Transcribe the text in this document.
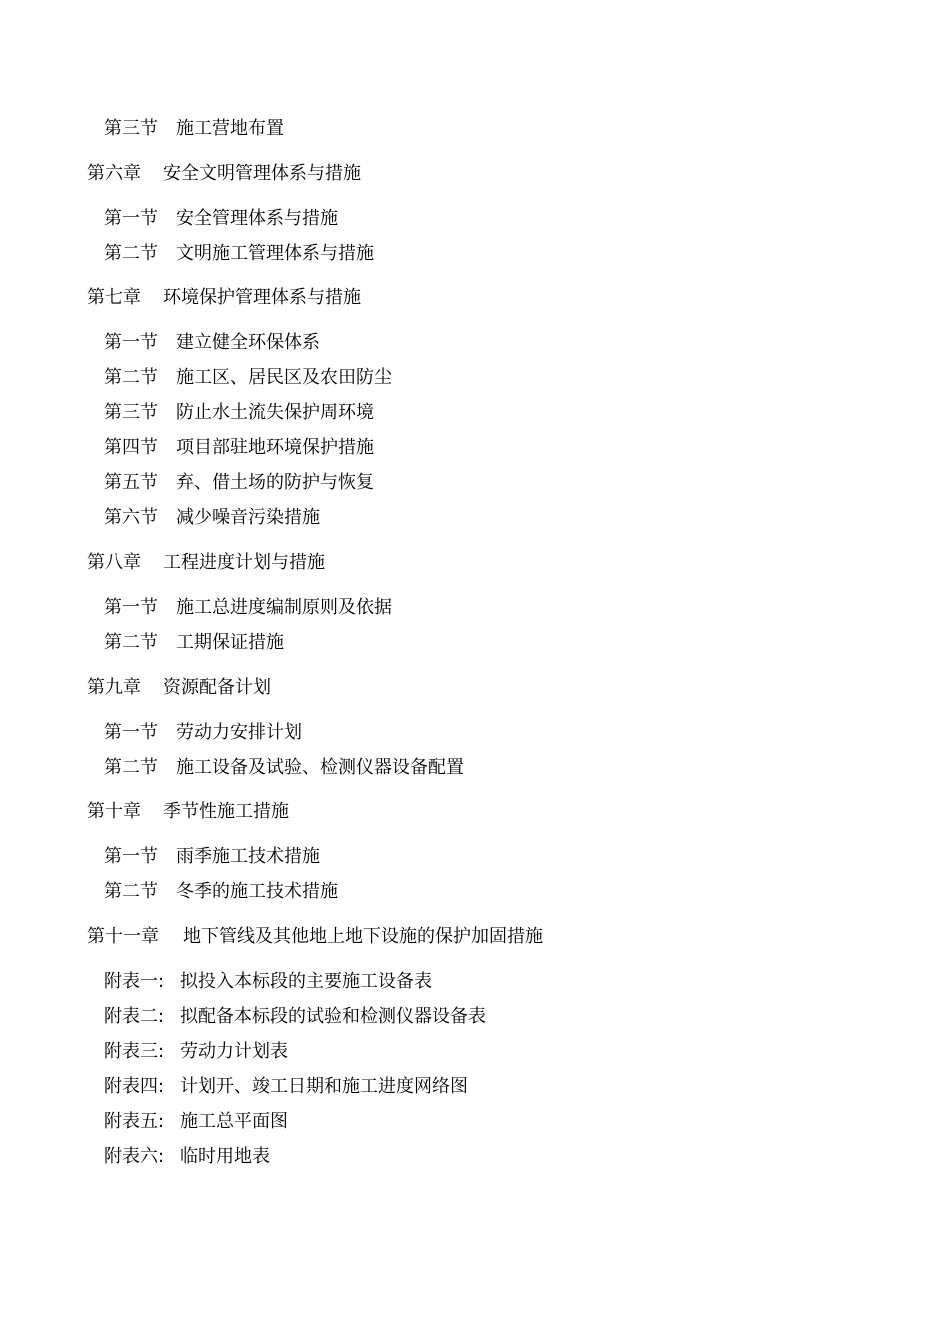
第三节 施工营地布置
第六章 安全文明管理体系与措施
第一节 安全管理体系与措施
第二节 文明施工管理体系与措施
第七章 环境保护管理体系与措施
第一节 建立健全环保体系
第二节 施工区、居民区及农田防尘
第三节 防止水土流失保护周环境
第四节 项目部驻地环境保护措施
第五节 弃、借土场的防护与恢复
第六节 减少噪音污染措施
第八章 工程进度计划与措施
第一节 施工总进度编制原则及依据
第二节 工期保证措施
第九章 资源配备计划
第一节 劳动力安排计划
第二节 施工设备及试验、检测仪器设备配置
第十章 季节性施工措施
第一节 雨季施工技术措施
第二节 冬季的施工技术措施
第十一章 地下管线及其他地上地下设施的保护加固措施
附表一: 拟投入本标段的主要施工设备表
附表二: 拟配备本标段的试验和检测仪器设备表
附表三: 劳动力计划表
附表四: 计划开、竣工日期和施工进度网络图
附表五: 施工总平面图
附表六: 临时用地表
